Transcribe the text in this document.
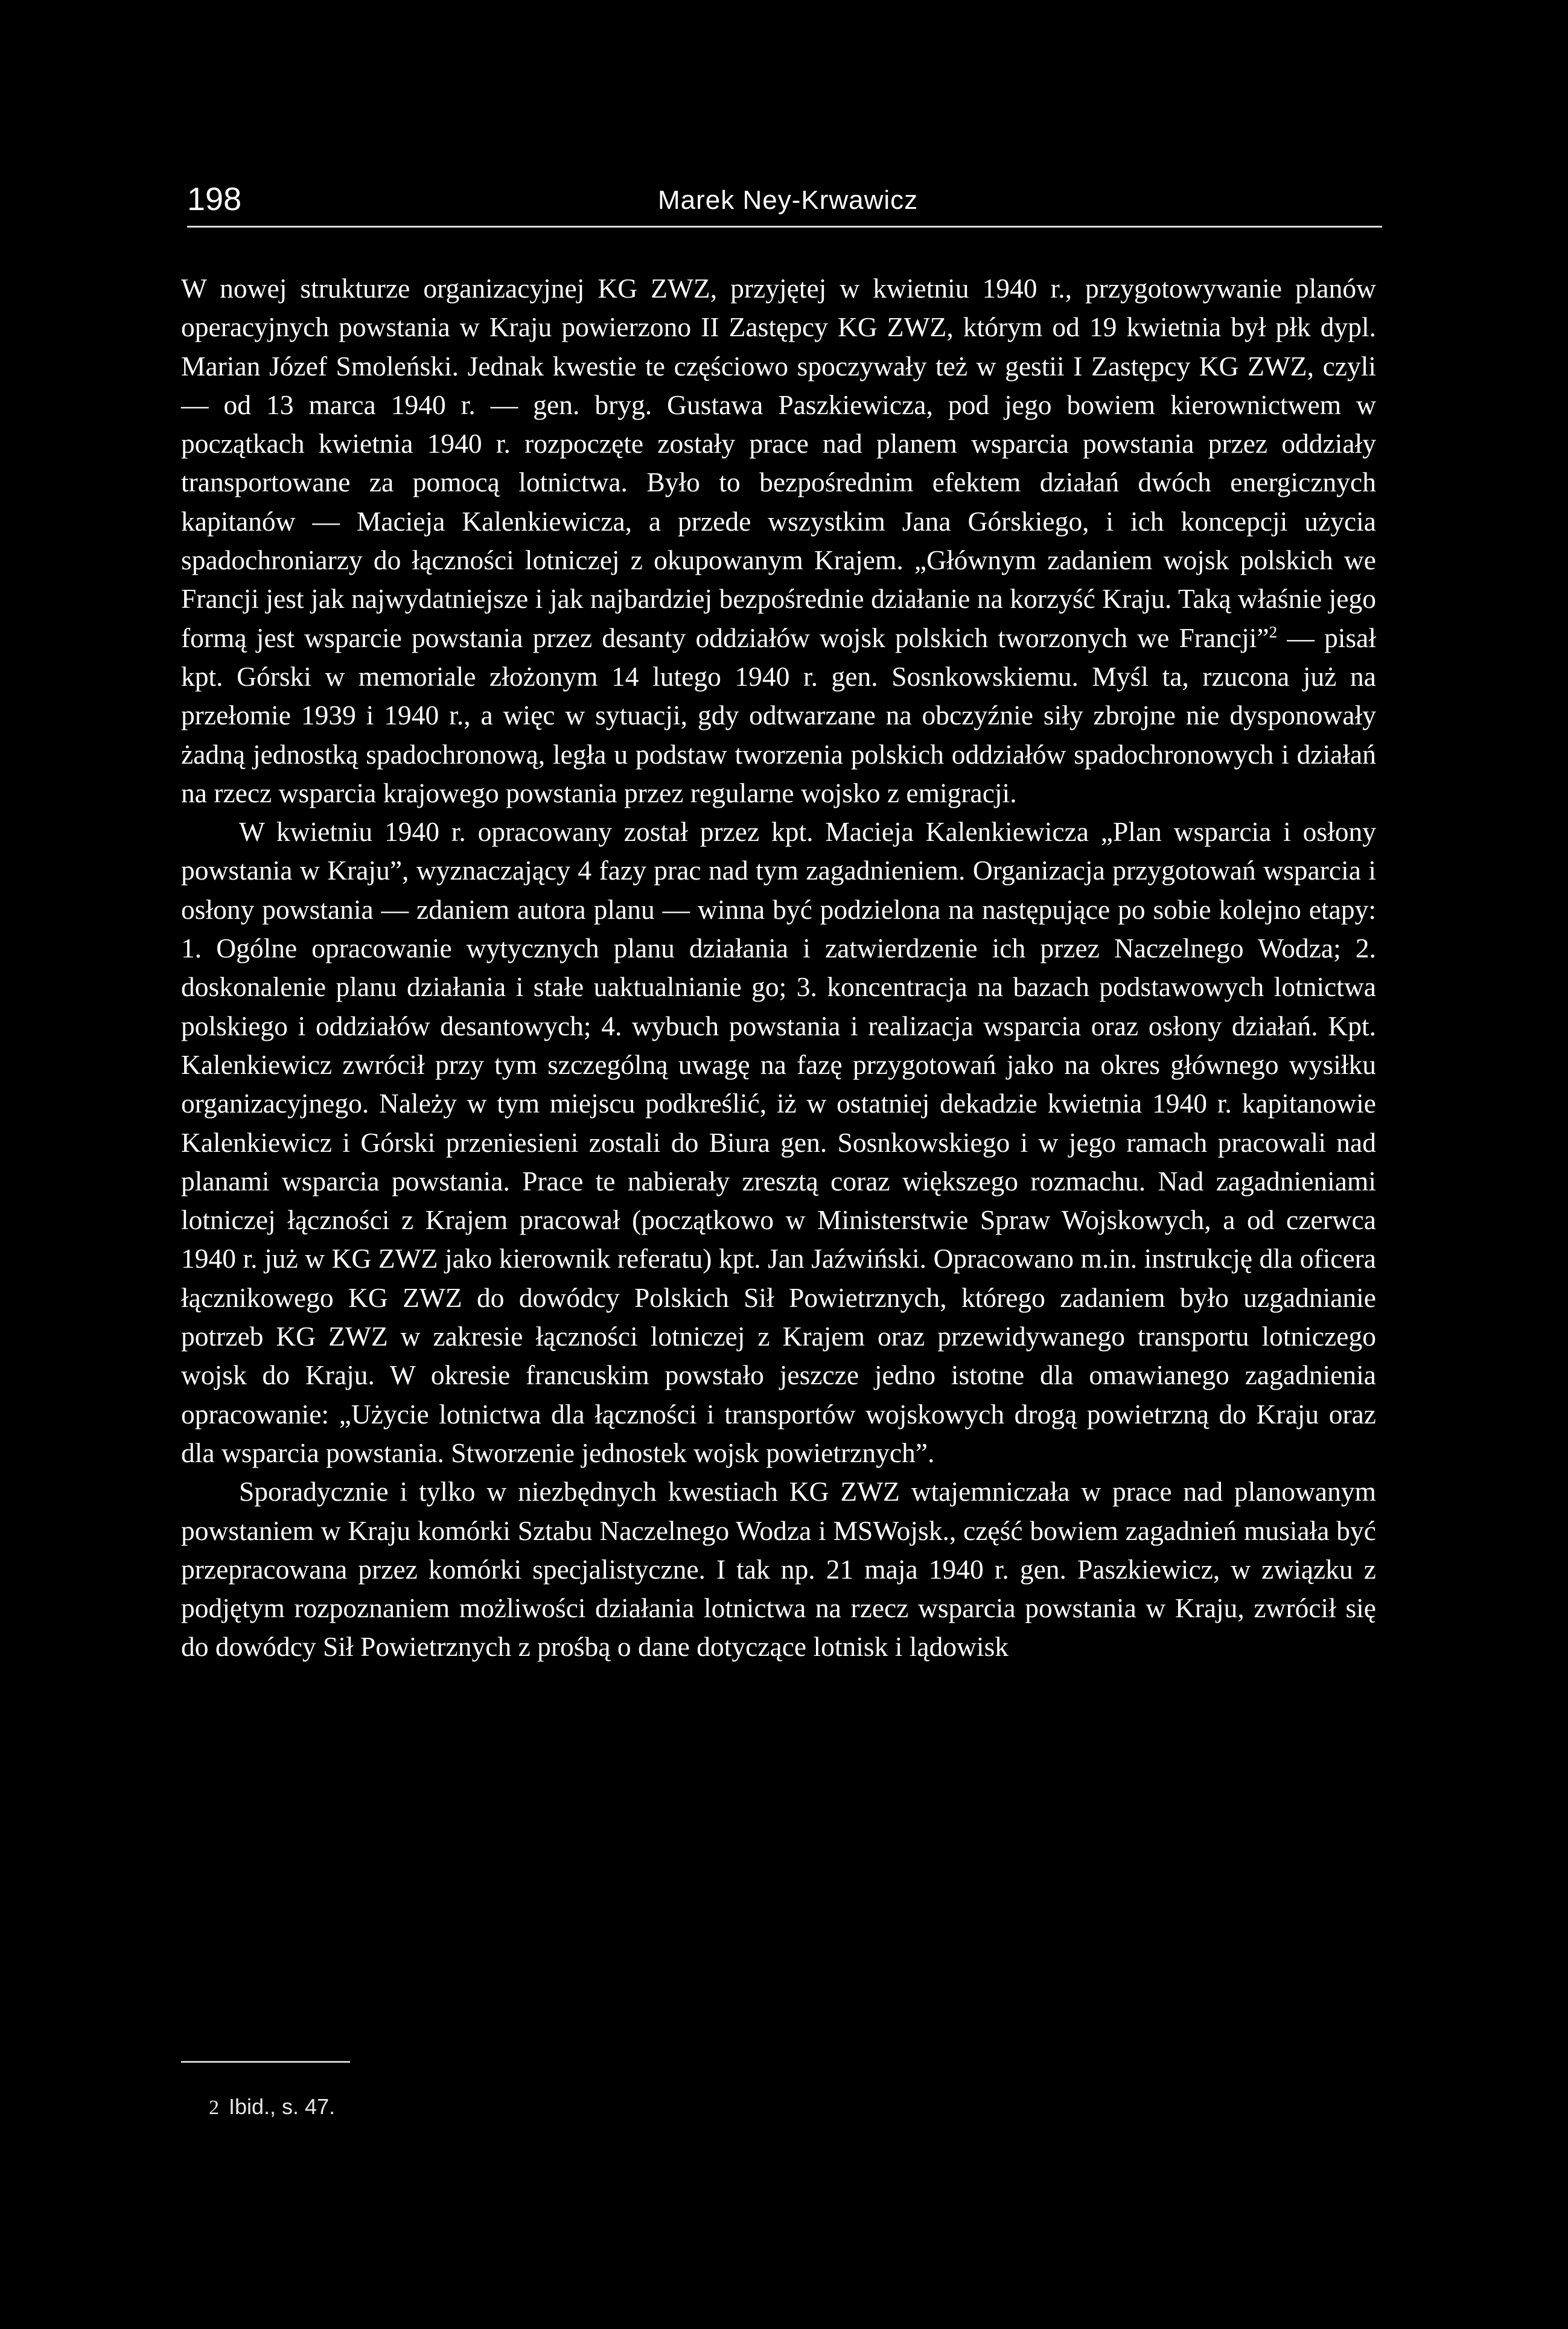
198	Marek Ney-Krwawicz

W nowej strukturze organizacyjnej KG ZWZ, przyjętej w kwietniu 1940 r., przygotowywanie planów operacyjnych powstania w Kraju powierzono II Zastępcy KG ZWZ, którym od 19 kwietnia był płk dypl. Marian Józef Smoleński. Jednak kwestie te częściowo spoczywały też w gestii I Zastępcy KG ZWZ, czyli — od 13 marca 1940 r. — gen. bryg. Gustawa Paszkiewicza, pod jego bowiem kierownictwem w początkach kwietnia 1940 r. rozpoczęte zostały prace nad planem wsparcia powstania przez oddziały transportowane za pomocą lotnictwa. Było to bezpośrednim efektem działań dwóch energicznych kapitanów — Macieja Kalenkiewicza, a przede wszystkim Jana Górskiego, i ich koncepcji użycia spadochroniarzy do łączności lotniczej z okupowanym Krajem. „Głównym zadaniem wojsk polskich we Francji jest jak najwydatniejsze i jak najbardziej bezpośrednie działanie na korzyść Kraju. Taką właśnie jego formą jest wsparcie powstania przez desanty oddziałów wojsk polskich tworzonych we Francji”$^2$ — pisał kpt. Górski w memoriale złożonym 14 lutego 1940 r. gen. Sosnkowskiemu. Myśl ta, rzucona już na przełomie 1939 i 1940 r., a więc w sytuacji, gdy odtwarzane na obczyźnie siły zbrojne nie dysponowały żadną jednostką spadochronową, legła u podstaw tworzenia polskich oddziałów spadochronowych i działań na rzecz wsparcia krajowego powstania przez regularne wojsko z emigracji.

W kwietniu 1940 r. opracowany został przez kpt. Macieja Kalenkiewicza „Plan wsparcia i osłony powstania w Kraju”, wyznaczający 4 fazy prac nad tym zagadnieniem. Organizacja przygotowań wsparcia i osłony powstania — zdaniem autora planu — winna być podzielona na następujące po sobie kolejno etapy: 1. Ogólne opracowanie wytycznych planu działania i zatwierdzenie ich przez Naczelnego Wodza; 2. doskonalenie planu działania i stałe uaktualnianie go; 3. koncentracja na bazach podstawowych lotnictwa polskiego i oddziałów desantowych; 4. wybuch powstania i realizacja wsparcia oraz osłony działań. Kpt. Kalenkiewicz zwrócił przy tym szczególną uwagę na fazę przygotowań jako na okres głównego wysiłku organizacyjnego. Należy w tym miejscu podkreślić, iż w ostatniej dekadzie kwietnia 1940 r. kapitanowie Kalenkiewicz i Górski przeniesieni zostali do Biura gen. Sosnkowskiego i w jego ramach pracowali nad planami wsparcia powstania. Prace te nabierały zresztą coraz większego rozmachu. Nad zagadnieniami lotniczej łączności z Krajem pracował (początkowo w Ministerstwie Spraw Wojskowych, a od czerwca 1940 r. już w KG ZWZ jako kierownik referatu) kpt. Jan Jaźwiński. Opracowano m.in. instrukcję dla oficera łącznikowego KG ZWZ do dowódcy Polskich Sił Powietrznych, którego zadaniem było uzgadnianie potrzeb KG ZWZ w zakresie łączności lotniczej z Krajem oraz przewidywanego transportu lotniczego wojsk do Kraju. W okresie francuskim powstało jeszcze jedno istotne dla omawianego zagadnienia opracowanie: „Użycie lotnictwa dla łączności i transportów wojskowych drogą powietrzną do Kraju oraz dla wsparcia powstania. Stworzenie jednostek wojsk powietrznych”.

Sporadycznie i tylko w niezbędnych kwestiach KG ZWZ wtajemniczała w prace nad planowanym powstaniem w Kraju komórki Sztabu Naczelnego Wodza i MSWojsk., część bowiem zagadnień musiała być przepracowana przez komórki specjalistyczne. I tak np. 21 maja 1940 r. gen. Paszkiewicz, w związku z podjętym rozpoznaniem możliwości działania lotnictwa na rzecz wsparcia powstania w Kraju, zwrócił się do dowódcy Sił Powietrznych z prośbą o dane dotyczące lotnisk i lądowisk

2 Ibid., s. 47.
